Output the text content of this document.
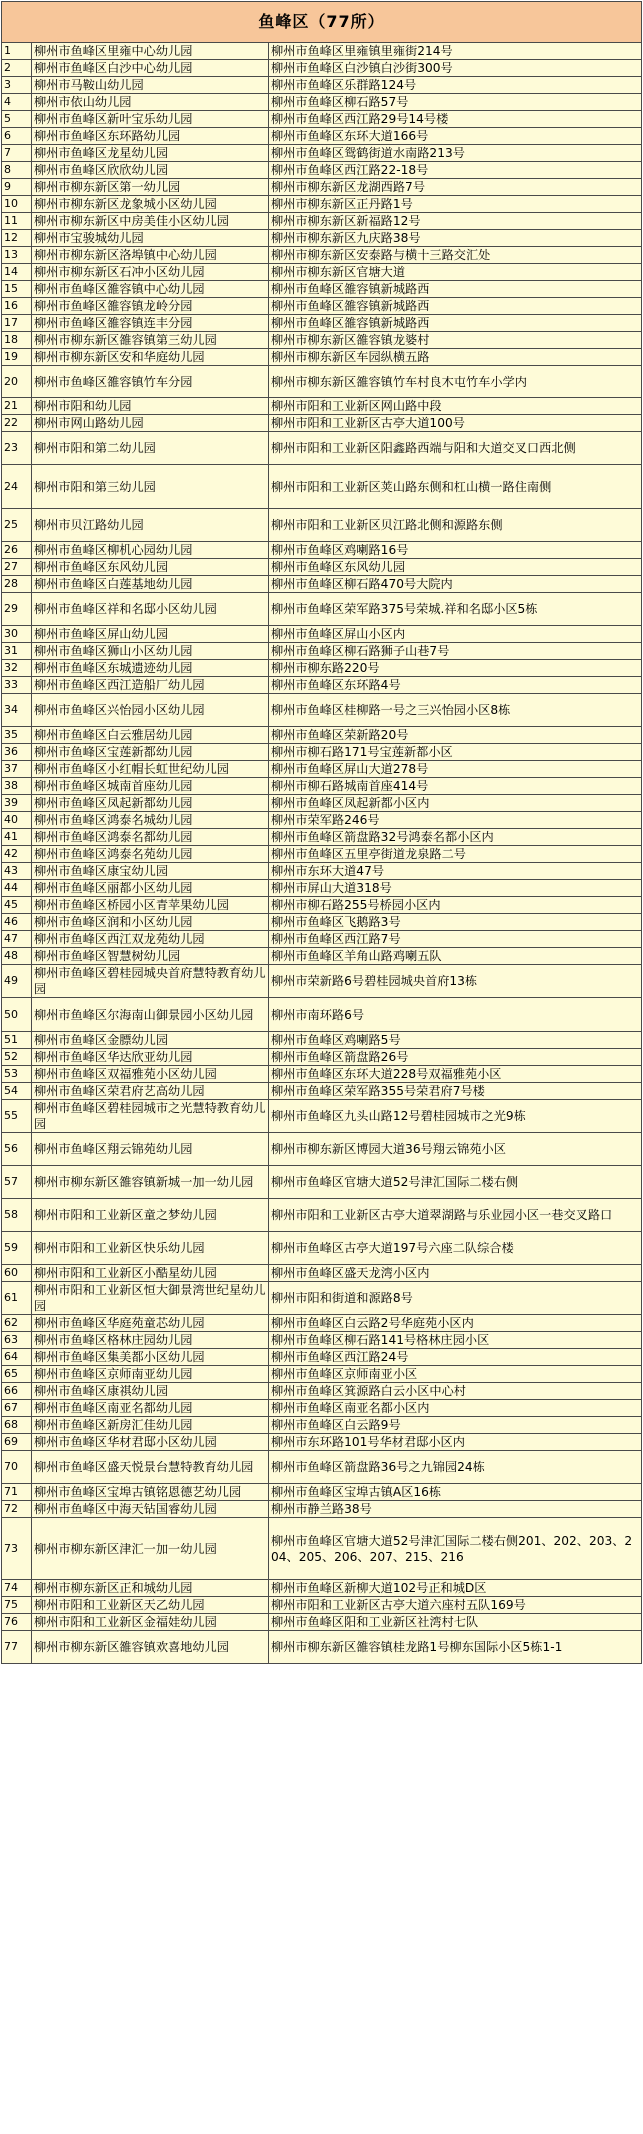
鱼峰区（77所）		
1	柳州市鱼峰区里雍中心幼儿园	柳州市鱼峰区里雍镇里雍街214号
2	柳州市鱼峰区白沙中心幼儿园	柳州市鱼峰区白沙镇白沙街300号
3	柳州市马鞍山幼儿园	柳州市鱼峰区乐群路124号
4	柳州市依山幼儿园	柳州市鱼峰区柳石路57号
5	柳州市鱼峰区新叶宝乐幼儿园	柳州市鱼峰区西江路29号14号楼
6	柳州市鱼峰区东环路幼儿园	柳州市鱼峰区东环大道166号
7	柳州市鱼峰区龙星幼儿园	柳州市鱼峰区鸳鹤街道水南路213号
8	柳州市鱼峰区欣欣幼儿园	柳州市鱼峰区西江路22-18号
9	柳州市柳东新区第一幼儿园	柳州市柳东新区龙湖西路7号
10	柳州市柳东新区龙象城小区幼儿园	柳州市柳东新区正丹路1号
11	柳州市柳东新区中房美佳小区幼儿园	柳州市柳东新区新福路12号
12	柳州市宝骏城幼儿园	柳州市柳东新区九庆路38号
13	柳州市柳东新区洛埠镇中心幼儿园	柳州市柳东新区安泰路与横十三路交汇处
14	柳州市柳东新区石冲小区幼儿园	柳州市柳东新区官塘大道
15	柳州市鱼峰区雒容镇中心幼儿园	柳州市鱼峰区雒容镇新城路西
16	柳州市鱼峰区雒容镇龙岭分园	柳州市鱼峰区雒容镇新城路西
17	柳州市鱼峰区雒容镇连丰分园	柳州市鱼峰区雒容镇新城路西
18	柳州市柳东新区雒容镇第三幼儿园	柳州市柳东新区雒容镇龙婆村
19	柳州市柳东新区安和华庭幼儿园	柳州市柳东新区车园纵横五路
20	柳州市鱼峰区雒容镇竹车分园	柳州市柳东新区雒容镇竹车村良木屯竹车小学内
21	柳州市阳和幼儿园	柳州市阳和工业新区网山路中段
22	柳州市网山路幼儿园	柳州市阳和工业新区古亭大道100号
23	柳州市阳和第二幼儿园	柳州市阳和工业新区阳鑫路西端与阳和大道交叉口西北侧
24	柳州市阳和第三幼儿园	柳州市阳和工业新区荚山路东侧和杠山横一路住南侧
25	柳州市贝江路幼儿园	柳州市阳和工业新区贝江路北侧和源路东侧
26	柳州市鱼峰区柳机心园幼儿园	柳州市鱼峰区鸡喇路16号
27	柳州市鱼峰区东风幼儿园	柳州市鱼峰区东风幼儿园
28	柳州市鱼峰区白莲基地幼儿园	柳州市鱼峰区柳石路470号大院内
29	柳州市鱼峰区祥和名邸小区幼儿园	柳州市鱼峰区荣军路375号荣城.祥和名邸小区5栋
30	柳州市鱼峰区屏山幼儿园	柳州市鱼峰区屏山小区内
31	柳州市鱼峰区狮山小区幼儿园	柳州市鱼峰区柳石路狮子山巷7号
32	柳州市鱼峰区东城遗迹幼儿园	柳州市柳东路220号
33	柳州市鱼峰区西江造船厂幼儿园	柳州市鱼峰区东环路4号
34	柳州市鱼峰区兴怡园小区幼儿园	柳州市鱼峰区桂柳路一号之三兴怡园小区8栋
35	柳州市鱼峰区白云雅居幼儿园	柳州市鱼峰区荣新路20号
36	柳州市鱼峰区宝莲新都幼儿园	柳州市柳石路171号宝莲新都小区
37	柳州市鱼峰区小红帽长虹世纪幼儿园	柳州市鱼峰区屏山大道278号
38	柳州市鱼峰区城南首座幼儿园	柳州市柳石路城南首座414号
39	柳州市鱼峰区凤起新都幼儿园	柳州市鱼峰区凤起新都小区内
40	柳州市鱼峰区鸿泰名城幼儿园	柳州市荣军路246号
41	柳州市鱼峰区鸿泰名都幼儿园	柳州市鱼峰区箭盘路32号鸿泰名都小区内
42	柳州市鱼峰区鸿泰名苑幼儿园	柳州市鱼峰区五里亭街道龙泉路二号
43	柳州市鱼峰区康宝幼儿园	柳州市东环大道47号
44	柳州市鱼峰区丽都小区幼儿园	柳州市屏山大道318号
45	柳州市鱼峰区桥园小区青苹果幼儿园	柳州市柳石路255号桥园小区内
46	柳州市鱼峰区润和小区幼儿园	柳州市鱼峰区飞鹅路3号
47	柳州市鱼峰区西江双龙苑幼儿园	柳州市鱼峰区西江路7号
48	柳州市鱼峰区智慧树幼儿园	柳州市鱼峰区羊角山路鸡喇五队
49	柳州市鱼峰区碧桂园城央首府慧特教育幼儿园	柳州市荣新路6号碧桂园城央首府13栋
50	柳州市鱼峰区尔海南山御景园小区幼儿园	柳州市南环路6号
51	柳州市鱼峰区金膘幼儿园	柳州市鱼峰区鸡喇路5号
52	柳州市鱼峰区华达欣亚幼儿园	柳州市鱼峰区箭盘路26号
53	柳州市鱼峰区双福雅苑小区幼儿园	柳州市鱼峰区东环大道228号双福雅苑小区
54	柳州市鱼峰区荣君府艺高幼儿园	柳州市鱼峰区荣军路355号荣君府7号楼
55	柳州市鱼峰区碧桂园城市之光慧特教育幼儿园	柳州市鱼峰区九头山路12号碧桂园城市之光9栋
56	柳州市鱼峰区翔云锦苑幼儿园	柳州市柳东新区博园大道36号翔云锦苑小区
57	柳州市柳东新区雒容镇新城一加一幼儿园	柳州市鱼峰区官塘大道52号津汇国际二楼右侧
58	柳州市阳和工业新区童之梦幼儿园	柳州市阳和工业新区古亭大道翠湖路与乐业园小区一巷交叉路口
59	柳州市阳和工业新区快乐幼儿园	柳州市鱼峰区古亭大道197号六座二队综合楼
60	柳州市阳和工业新区小酷星幼儿园	柳州市鱼峰区盛天龙湾小区内
61	柳州市阳和工业新区恒大御景湾世纪星幼儿园	柳州市阳和街道和源路8号
62	柳州市鱼峰区华庭苑童芯幼儿园	柳州市鱼峰区白云路2号华庭苑小区内
63	柳州市鱼峰区格林庄园幼儿园	柳州市鱼峰区柳石路141号格林庄园小区
64	柳州市鱼峰区集美都小区幼儿园	柳州市鱼峰区西江路24号
65	柳州市鱼峰区京师南亚幼儿园	柳州市鱼峰区京师南亚小区
66	柳州市鱼峰区康祺幼儿园	柳州市鱼峰区箕源路白云小区中心村
67	柳州市鱼峰区南亚名都幼儿园	柳州市鱼峰区南亚名都小区内
68	柳州市鱼峰区新房汇佳幼儿园	柳州市鱼峰区白云路9号
69	柳州市鱼峰区华材君邸小区幼儿园	柳州市东环路101号华材君邸小区内
70	柳州市鱼峰区盛天悦景台慧特教育幼儿园	柳州市鱼峰区箭盘路36号之九锦园24栋
71	柳州市鱼峰区宝埠古镇铭恩德艺幼儿园	柳州市鱼峰区宝埠古镇A区16栋
72	柳州市鱼峰区中海天钻国睿幼儿园	柳州市静兰路38号
73	柳州市柳东新区津汇一加一幼儿园	柳州市鱼峰区官塘大道52号津汇国际二楼右侧201、202、203、204、205、206、207、215、216
74	柳州市柳东新区正和城幼儿园	柳州市鱼峰区新柳大道102号正和城D区
75	柳州市阳和工业新区天乙幼儿园	柳州市阳和工业新区古亭大道六座村五队169号
76	柳州市阳和工业新区金福娃幼儿园	柳州市鱼峰区阳和工业新区社湾村七队
77	柳州市柳东新区雒容镇欢喜地幼儿园	柳州市柳东新区雒容镇桂龙路1号柳东国际小区5栋1-1
